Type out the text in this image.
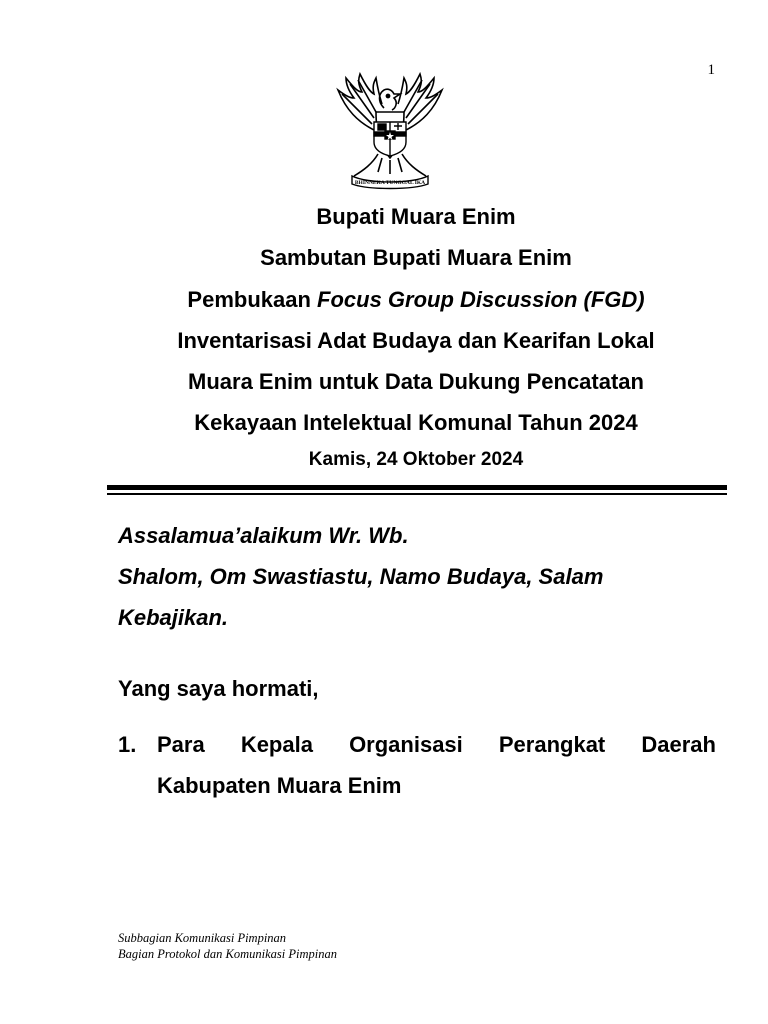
1
BHINNEKA TUNGGAL IKA
Bupati Muara Enim
Sambutan Bupati Muara Enim
Pembukaan Focus Group Discussion (FGD)
Inventarisasi Adat Budaya dan Kearifan Lokal
Muara Enim untuk Data Dukung Pencatatan
Kekayaan Intelektual Komunal Tahun 2024
Kamis, 24 Oktober 2024
Assalamua’alaikum Wr. Wb.
Shalom, Om Swastiastu, Namo Budaya, Salam
Kebajikan.
Yang saya hormati,
1. Para Kepala Organisasi Perangkat Daerah
Kabupaten Muara Enim
Subbagian Komunikasi Pimpinan
Bagian Protokol dan Komunikasi Pimpinan
